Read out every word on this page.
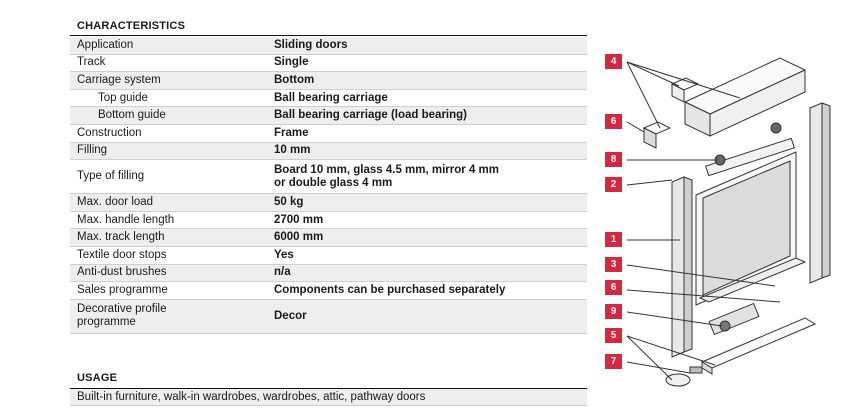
CHARACTERISTICS
Application	Sliding doors
Track	Single
Carriage system	Bottom
Top guide	Ball bearing carriage
Bottom guide	Ball bearing carriage (load bearing)
Construction	Frame
Filling	10 mm
Type of filling	Board 10 mm, glass 4.5 mm, mirror 4 mm
or double glass 4 mm

Max. door load	50 kg
Max. handle length	2700 mm
Max. track length	6000 mm
Textile door stops	Yes
Anti-dust brushes	n/a
Sales programme	Components can be purchased separately

Decorative profile
programme	Decor
USAGE
Built-in furniture, walk-in wardrobes, wardrobes, attic, pathway doors
4
6
8
2
1
3
6
9
5
7
